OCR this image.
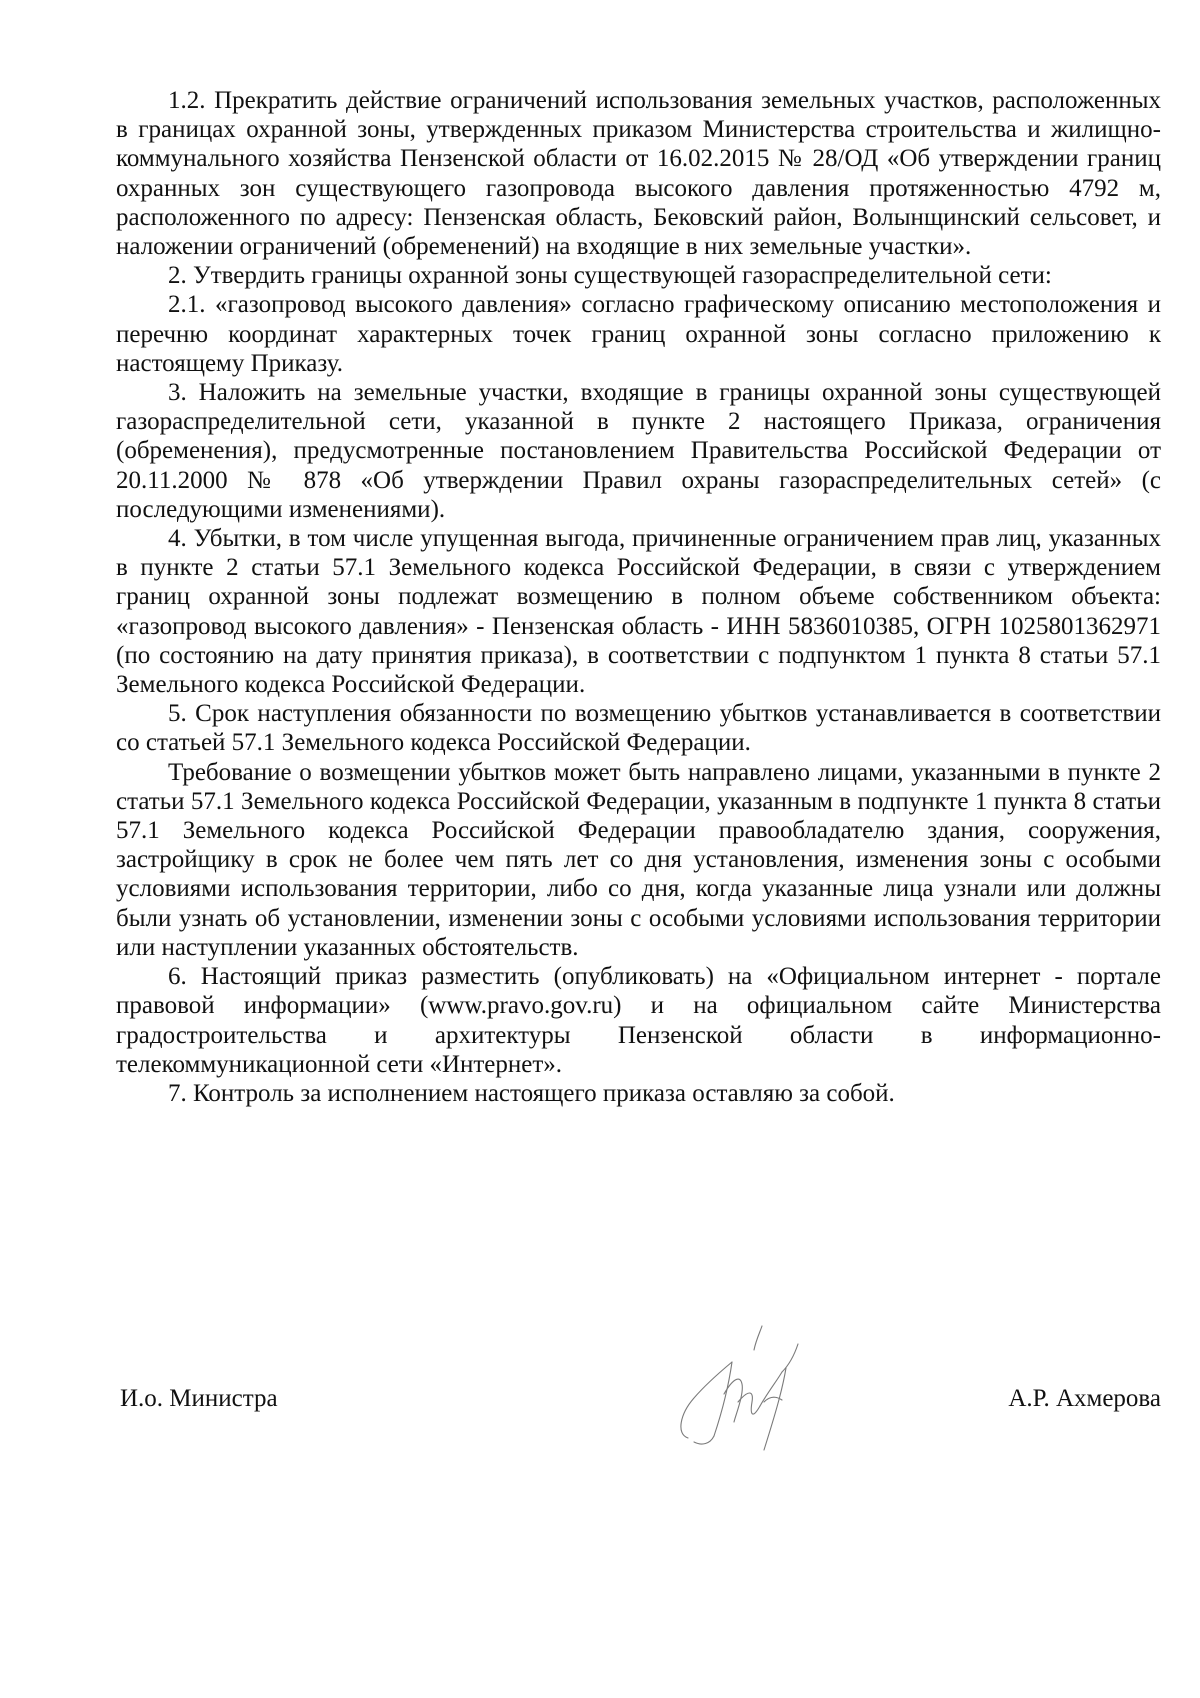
1.2. Прекратить действие ограничений использования земельных участков, расположенных в границах охранной зоны, утвержденных приказом Министерства строительства и жилищно-коммунального хозяйства Пензенской области от 16.02.2015 № 28/ОД «Об утверждении границ охранных зон существующего газопровода высокого давления протяженностью 4792 м, расположенного по адресу: Пензенская область, Бековский район, Волынщинский сельсовет, и наложении ограничений (обременений) на входящие в них земельные участки».

2. Утвердить границы охранной зоны существующей газораспределительной сети:

2.1. «газопровод высокого давления» согласно графическому описанию местоположения и перечню координат характерных точек границ охранной зоны согласно приложению к настоящему Приказу.

3. Наложить на земельные участки, входящие в границы охранной зоны существующей газораспределительной сети, указанной в пункте 2 настоящего Приказа, ограничения (обременения), предусмотренные постановлением Правительства Российской Федерации от 20.11.2000 № 878 «Об утверждении Правил охраны газораспределительных сетей» (с последующими изменениями).

4. Убытки, в том числе упущенная выгода, причиненные ограничением прав лиц, указанных в пункте 2 статьи 57.1 Земельного кодекса Российской Федерации, в связи с утверждением границ охранной зоны подлежат возмещению в полном объеме собственником объекта: «газопровод высокого давления» - Пензенская область - ИНН 5836010385, ОГРН 1025801362971 (по состоянию на дату принятия приказа), в соответствии с подпунктом 1 пункта 8 статьи 57.1 Земельного кодекса Российской Федерации.

5. Срок наступления обязанности по возмещению убытков устанавливается в соответствии со статьей 57.1 Земельного кодекса Российской Федерации.

Требование о возмещении убытков может быть направлено лицами, указанными в пункте 2 статьи 57.1 Земельного кодекса Российской Федерации, указанным в подпункте 1 пункта 8 статьи 57.1 Земельного кодекса Российской Федерации правообладателю здания, сооружения, застройщику в срок не более чем пять лет со дня установления, изменения зоны с особыми условиями использования территории, либо со дня, когда указанные лица узнали или должны были узнать об установлении, изменении зоны с особыми условиями использования территории или наступлении указанных обстоятельств.

6. Настоящий приказ разместить (опубликовать) на «Официальном интернет - портале правовой информации» (www.pravo.gov.ru) и на официальном сайте Министерства градостроительства и архитектуры Пензенской области в информационно-телекоммуникационной сети «Интернет».

7. Контроль за исполнением настоящего приказа оставляю за собой.

И.о. Министра	А.Р. Ахмерова
